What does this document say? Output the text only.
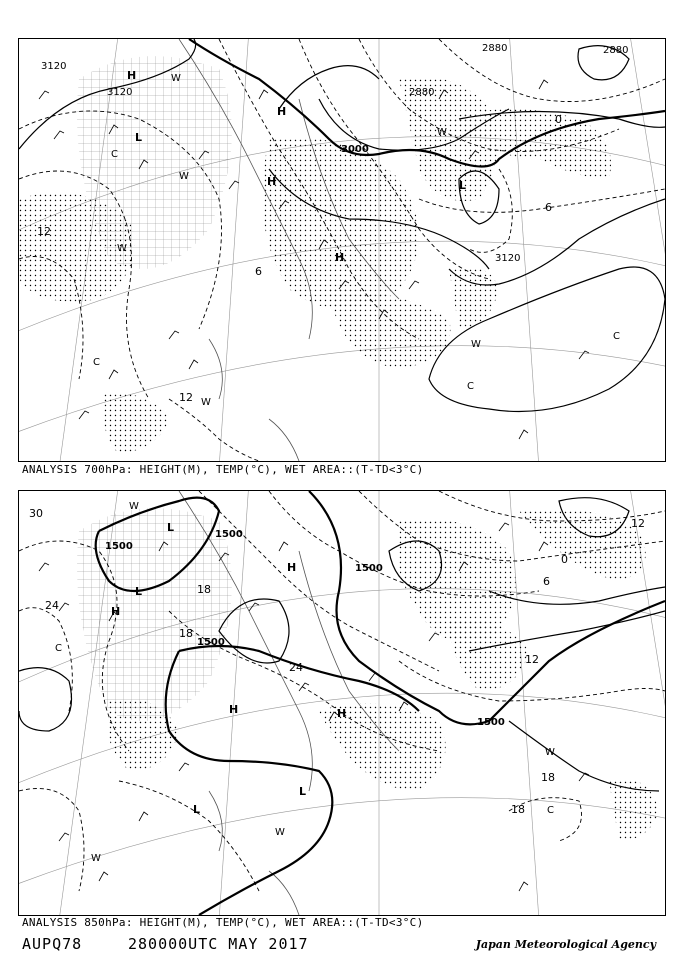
3120
3120
3000
2880
2880
3120
2880
12
12
6
0
6
H
H
H
H
L
L
W
W
W
W
W
W
C
C
C
C
ANALYSIS 700hPa: HEIGHT(M), TEMP(°C), WET AREA::(T-TD<3°C)
1500
1500
1500
1500
1500
30
24
18
18
24
12
6
0
18
18
12
H
H
H	H
L
L
L
L
W
W
W
W
C
C
ANALYSIS 850hPa: HEIGHT(M), TEMP(°C), WET AREA::(T-TD<3°C)
AUPQ78	280000UTC MAY 2017	Japan Meteorological Agency
